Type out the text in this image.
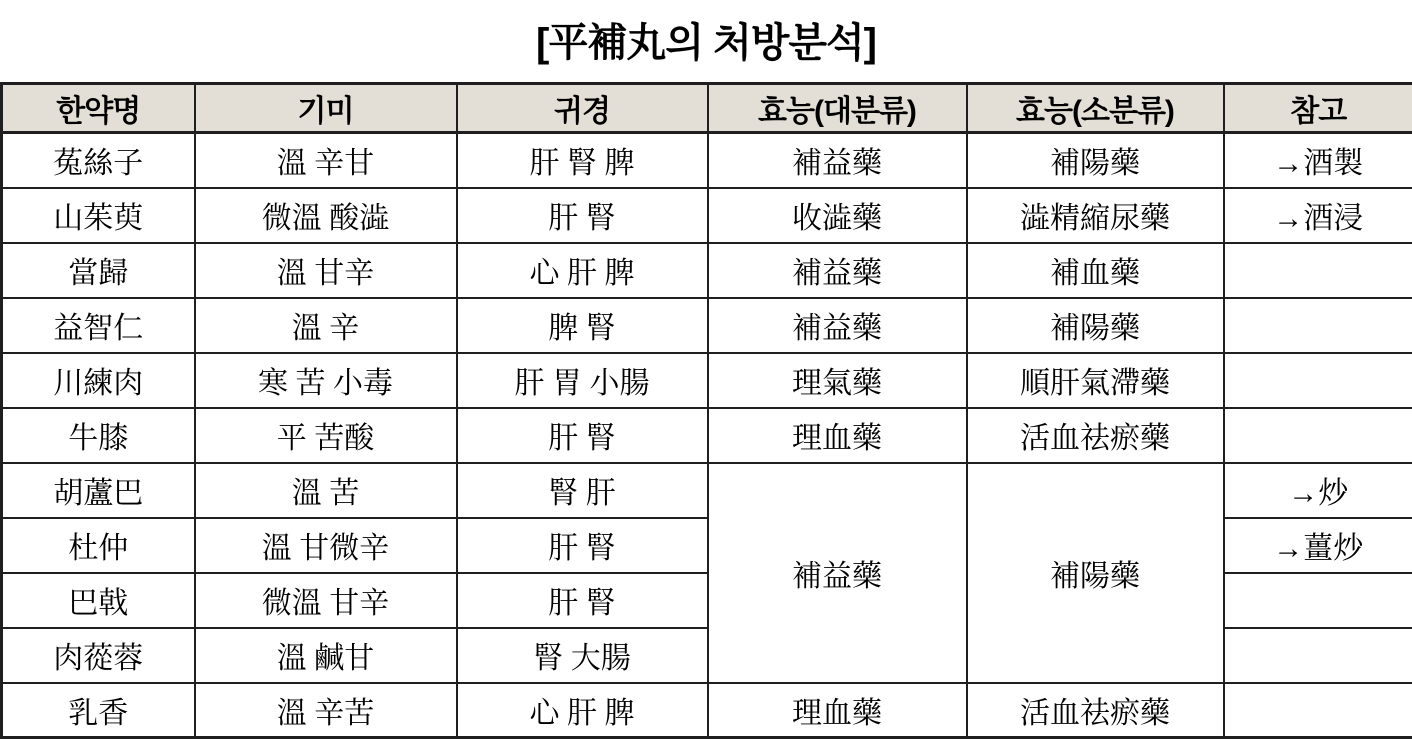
[平補丸의 처방분석]
한약명	기미	귀경	효능(대분류)	효능(소분류)	참고
菟絲子	溫 辛甘	肝 腎 脾	補益藥	補陽藥	→酒製
山茱萸	微溫 酸澁	肝 腎	收澁藥	澁精縮尿藥	→酒浸
當歸	溫 甘辛	心 肝 脾	補益藥	補血藥	
益智仁	溫 辛	脾 腎	補益藥	補陽藥	
川練肉	寒 苦 小毒	肝 胃 小腸	理氣藥	順肝氣滯藥	
牛膝	平 苦酸	肝 腎	理血藥	活血祛瘀藥	
胡蘆巴	溫 苦	腎 肝	補益藥	補陽藥	→炒
杜仲	溫 甘微辛	肝 腎			→薑炒
巴戟	微溫 甘辛	肝 腎			
肉蓯蓉	溫 鹹甘	腎 大腸			
乳香	溫 辛苦	心 肝 脾	理血藥	活血祛瘀藥	
